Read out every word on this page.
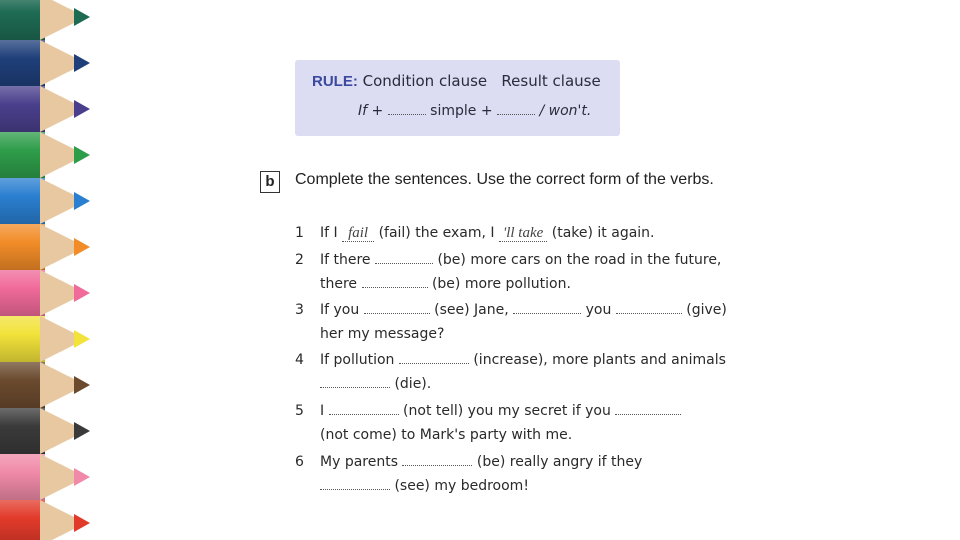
RULE: Condition clause   Result clause
If +	simple +	/ won't.
b	Complete the sentences. Use the correct form of the verbs.
1	If I fail (fail) the exam, I 'll take (take) it again.
2	If there	(be) more cars on the road in the future,
there	(be) more pollution.
3	If you	(see) Jane,	you	(give)
her my message?
4	If pollution	(increase), more plants and animals
(die).
5	I	(not tell) you my secret if you
(not come) to Mark's party with me.
6	My parents	(be) really angry if they
(see) my bedroom!
